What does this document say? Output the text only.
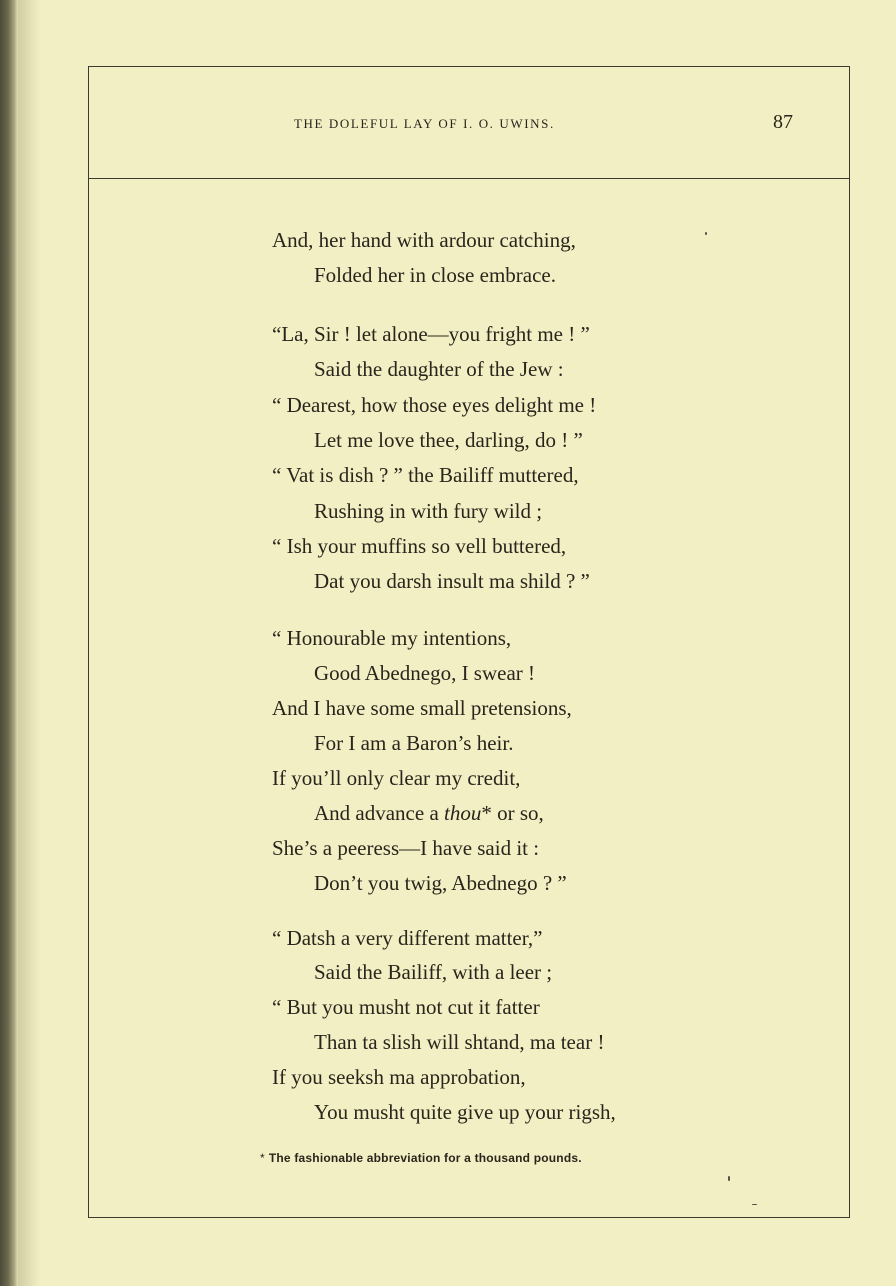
THE DOLEFUL LAY OF I. O. UWINS.	87
And, her hand with ardour catching,
Folded her in close embrace.
“La, Sir ! let alone—you fright me ! ”
Said the daughter of the Jew :
“ Dearest, how those eyes delight me !
Let me love thee, darling, do ! ”
“ Vat is dish ? ” the Bailiff muttered,
Rushing in with fury wild ;
“ Ish your muffins so vell buttered,
Dat you darsh insult ma shild ? ”
“ Honourable my intentions,
Good Abednego, I swear !
And I have some small pretensions,
For I am a Baron’s heir.
If you’ll only clear my credit,
And advance a thou* or so,
She’s a peeress—I have said it :
Don’t you twig, Abednego ? ”
“ Datsh a very different matter,”
Said the Bailiff, with a leer ;
“ But you musht not cut it fatter
Than ta slish will shtand, ma tear !
If you seeksh ma approbation,
You musht quite give up your rigsh,
* The fashionable abbreviation for a thousand pounds.
